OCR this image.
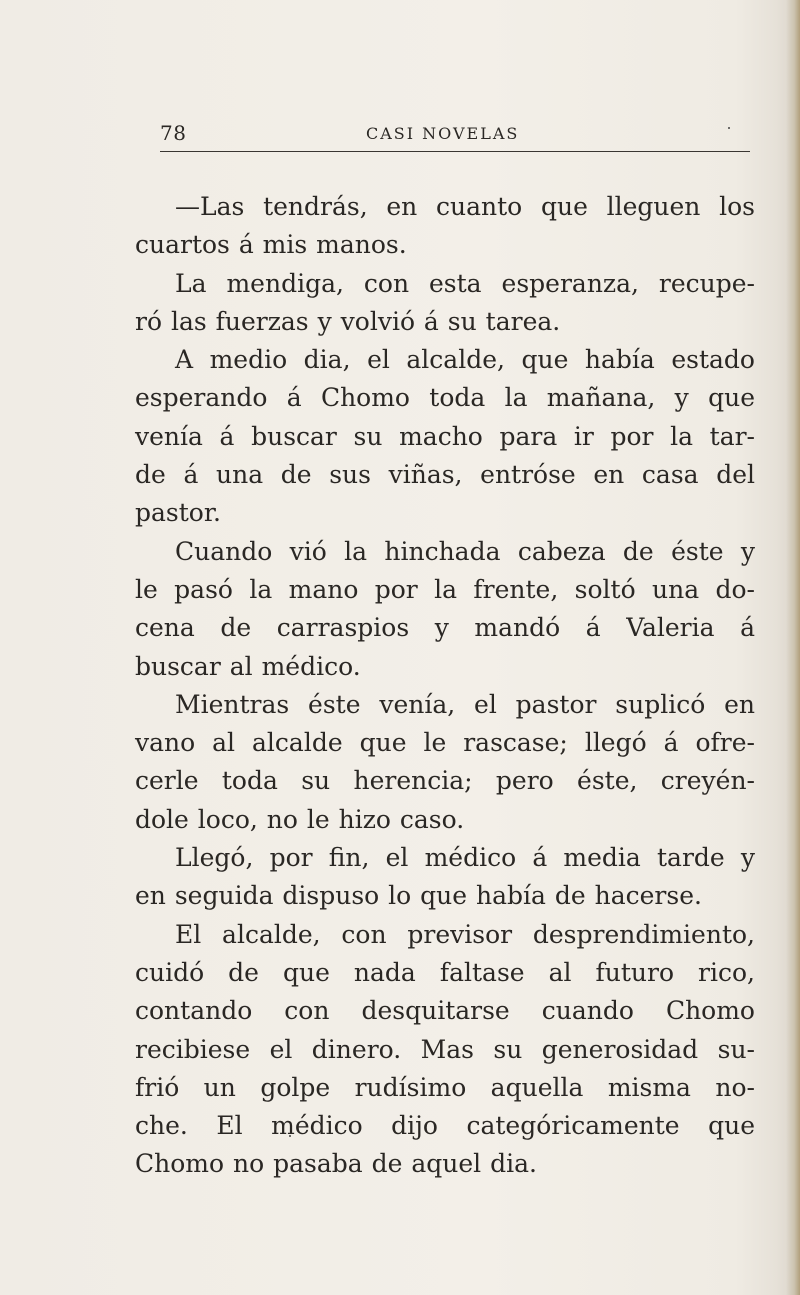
78	CASI NOVELAS
—Las tendrás, en cuanto que lleguen los
cuartos á mis manos.
La mendiga, con esta esperanza, recupe-
ró las fuerzas y volvió á su tarea.
A medio dia, el alcalde, que había estado
esperando á Chomo toda la mañana, y que
venía á buscar su macho para ir por la tar-
de á una de sus viñas, entróse en casa del
pastor.
Cuando vió la hinchada cabeza de éste y
le pasó la mano por la frente, soltó una do-
cena de carraspios y mandó á Valeria á
buscar al médico.
Mientras éste venía, el pastor suplicó en
vano al alcalde que le rascase; llegó á ofre-
cerle toda su herencia; pero éste, creyén-
dole loco, no le hizo caso.
Llegó, por fin, el médico á media tarde y
en seguida dispuso lo que había de hacerse.
El alcalde, con previsor desprendimiento,
cuidó de que nada faltase al futuro rico,
contando con desquitarse cuando Chomo
recibiese el dinero. Mas su generosidad su-
frió un golpe rudísimo aquella misma no-
che. El médico dijo categóricamente que
Chomo no pasaba de aquel dia.
